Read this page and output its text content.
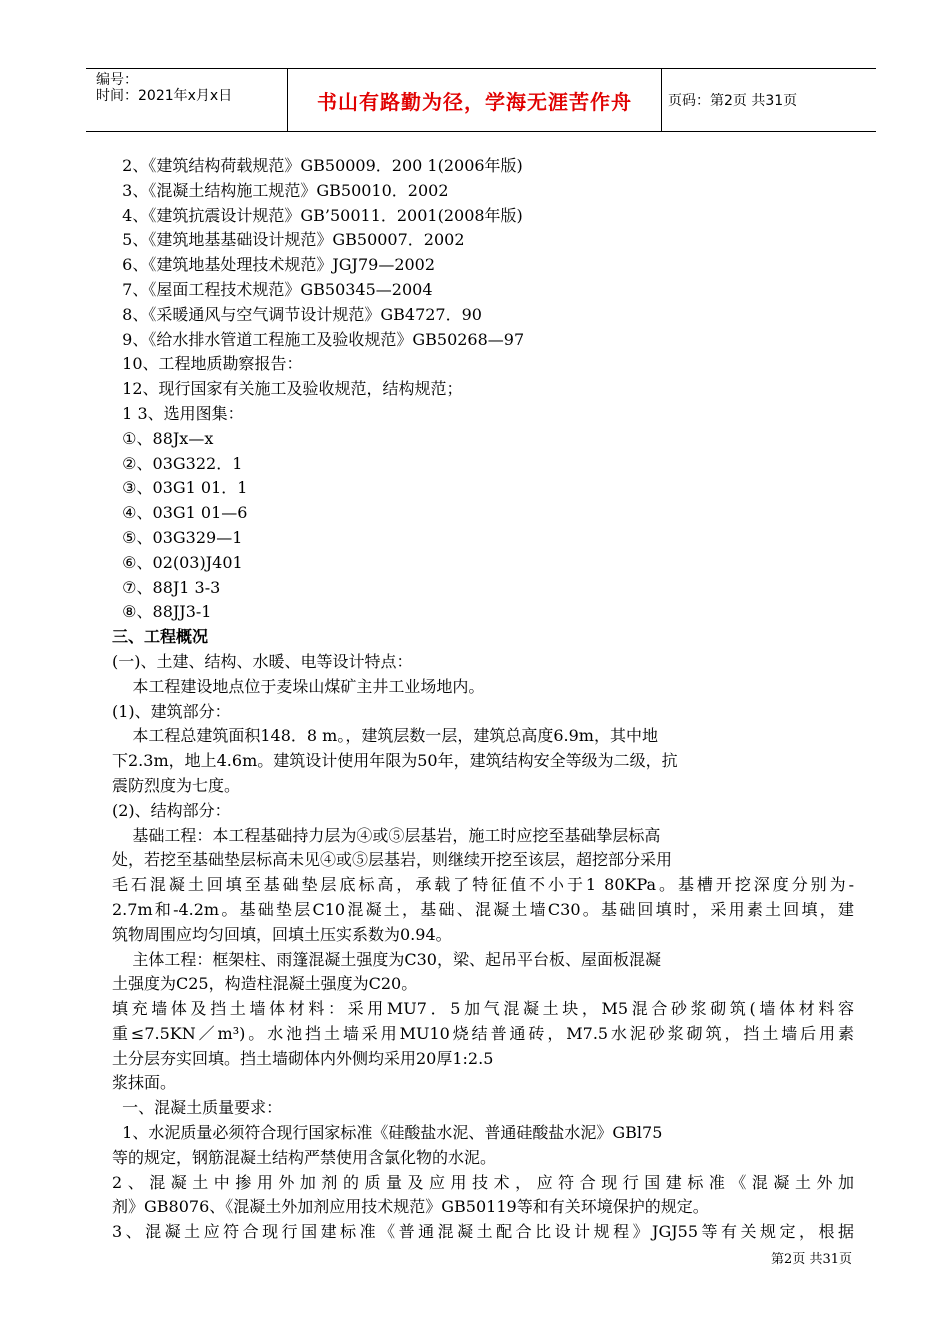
编号：
时间：2021年x月x日	书山有路勤为径，学海无涯苦作舟	页码：第2页 共31页
2、《建筑结构荷载规范》GB50009．200 1(2006年版)
3、《混凝土结构施工规范》GB50010．2002
4、《建筑抗震设计规范》GB’50011．2001(2008年版)
5、《建筑地基基础设计规范》GB50007．2002
6、《建筑地基处理技术规范》JGJ79—2002
7、《屋面工程技术规范》GB50345—2004
8、《采暖通风与空气调节设计规范》GB4727．90
9、《给水排水管道工程施工及验收规范》GB50268—97
10、工程地质勘察报告：
12、现行国家有关施工及验收规范，结构规范；
1 3、选用图集：
①、88Jx—x
②、03G322．1
③、03G1 01．1
④、03G1 01—6
⑤、03G329—1
⑥、02(03)J401
⑦、88J1 3-3
⑧、88JJ3-1
三、工程概况
(一)、土建、结构、水暖、电等设计特点：
本工程建设地点位于麦垛山煤矿主井工业场地内。
(1)、建筑部分：
本工程总建筑面积148．8 m。，建筑层数一层，建筑总高度6.9m，其中地
下2.3m，地上4.6m。建筑设计使用年限为50年，建筑结构安全等级为二级，抗
震防烈度为七度。
(2)、结构部分：
基础工程：本工程基础持力层为④或⑤层基岩，施工时应挖至基础挚层标高
处，若挖至基础垫层标高未见④或⑤层基岩，则继续开挖至该层，超挖部分采用
毛石混凝土回填至基础垫层底标高，承载了特征值不小于1 80KPa。基槽开挖深度分别为-
2.7m和-4.2m。基础垫层C10混凝土，基础、混凝土墙C30。基础回填时，采用素土回填，建
筑物周围应均匀回填，回填土压实系数为0.94。
主体工程：框架柱、雨篷混凝土强度为C30，梁、起吊平台板、屋面板混凝
土强度为C25，构造柱混凝土强度为C20。
填充墙体及挡土墙体材料：采用MU7．5加气混凝土块，M5混合砂浆砌筑(墙体材料容
重≤7.5KN／m³)。水池挡土墙采用MU10烧结普通砖，M7.5水泥砂浆砌筑，挡土墙后用素
土分层夯实回填。挡土墙砌体内外侧均采用20厚1:2.5
浆抹面。
一、混凝土质量要求：
1、水泥质量必须符合现行国家标准《硅酸盐水泥、普通硅酸盐水泥》GBl75
等的规定，钢筋混凝土结构严禁使用含氯化物的水泥。
2、混凝土中掺用外加剂的质量及应用技术，应符合现行国建标准《混凝土外加
剂》GB8076、《混凝土外加剂应用技术规范》GB50119等和有关环境保护的规定。
3、混凝土应符合现行国建标准《普通混凝土配合比设计规程》JGJ55等有关规定，根据
第2页 共31页
